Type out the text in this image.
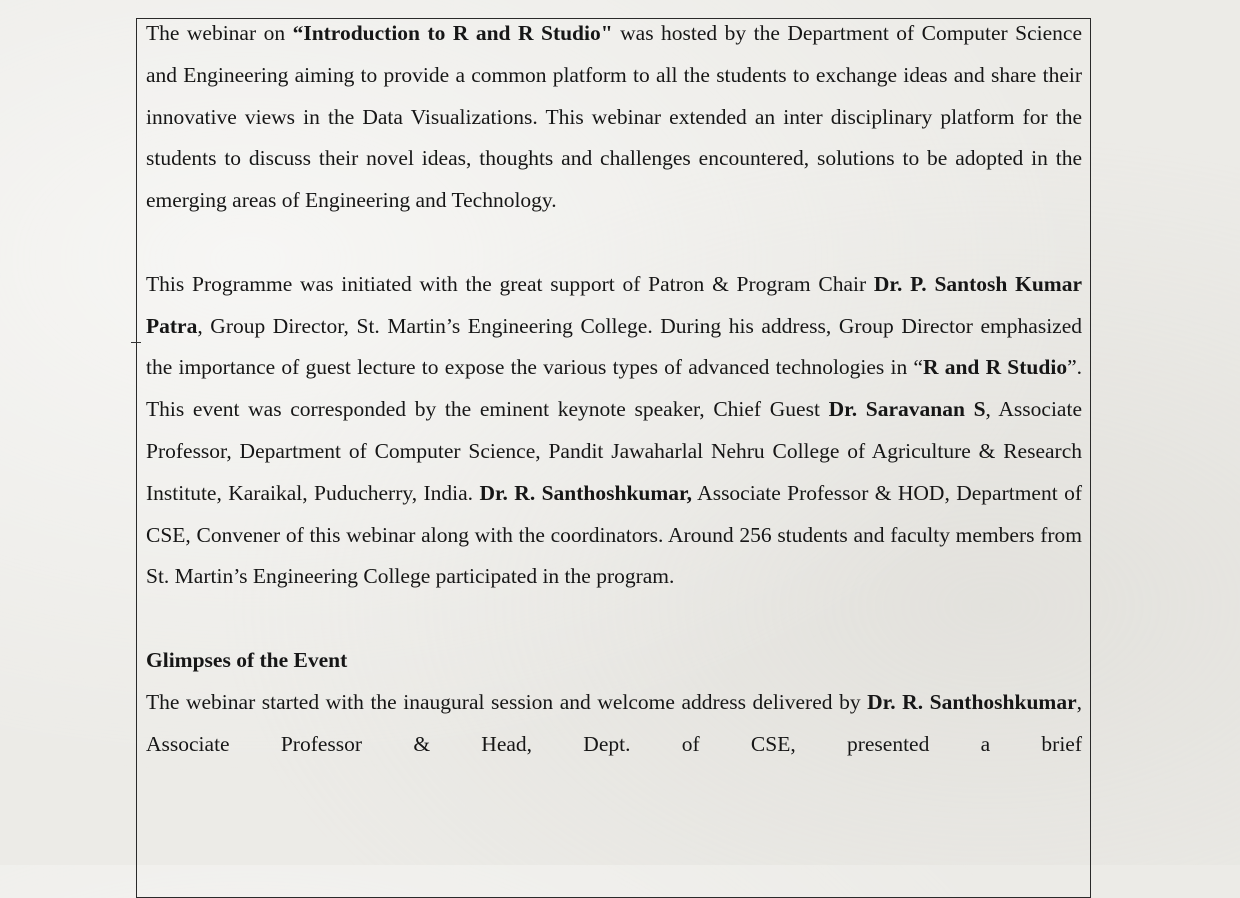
The webinar on “Introduction to R and R Studio" was hosted by the Department of Computer Science and Engineering aiming to provide a common platform to all the students to exchange ideas and share their innovative views in the Data Visualizations. This webinar extended an inter disciplinary platform for the students to discuss their novel ideas, thoughts and challenges encountered, solutions to be adopted in the emerging areas of Engineering and Technology.

This Programme was initiated with the great support of Patron & Program Chair Dr. P. Santosh Kumar Patra, Group Director, St. Martin’s Engineering College. During his address, Group Director emphasized the importance of guest lecture to expose the various types of advanced technologies in “R and R Studio”. This event was corresponded by the eminent keynote speaker, Chief Guest Dr. Saravanan S, Associate Professor, Department of Computer Science, Pandit Jawaharlal Nehru College of Agriculture & Research Institute, Karaikal, Puducherry, India. Dr. R. Santhoshkumar, Associate Professor & HOD, Department of CSE, Convener of this webinar along with the coordinators. Around 256 students and faculty members from St. Martin’s Engineering College participated in the program.

Glimpses of the Event

The webinar started with the inaugural session and welcome address delivered by Dr. R. Santhoshkumar, Associate Professor & Head, Dept. of CSE, presented a brief
